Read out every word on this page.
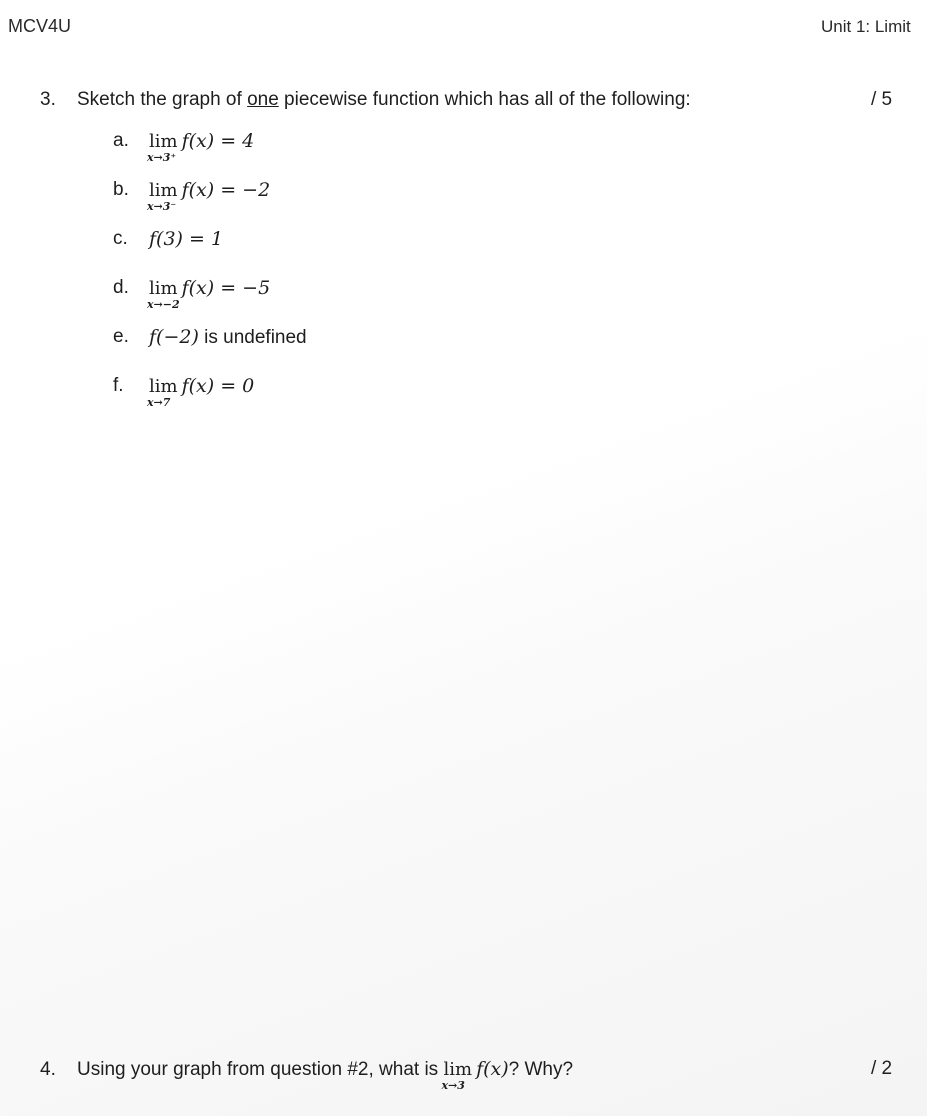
MCV4U	Unit 1: Limit
3. Sketch the graph of one piecewise function which has all of the following:	/ 5
a.	lim
x→3⁺
f(x) = 4
b.	lim
x→3⁻
f(x) = −2
c.	f(3) = 1
d.	lim
x→−2
f(x) = −5
e.	f(−2) is undefined
f.	lim
x→7
f(x) = 0
4. Using your graph from question #2, what is lim
x→3
f(x)? Why?	/ 2
